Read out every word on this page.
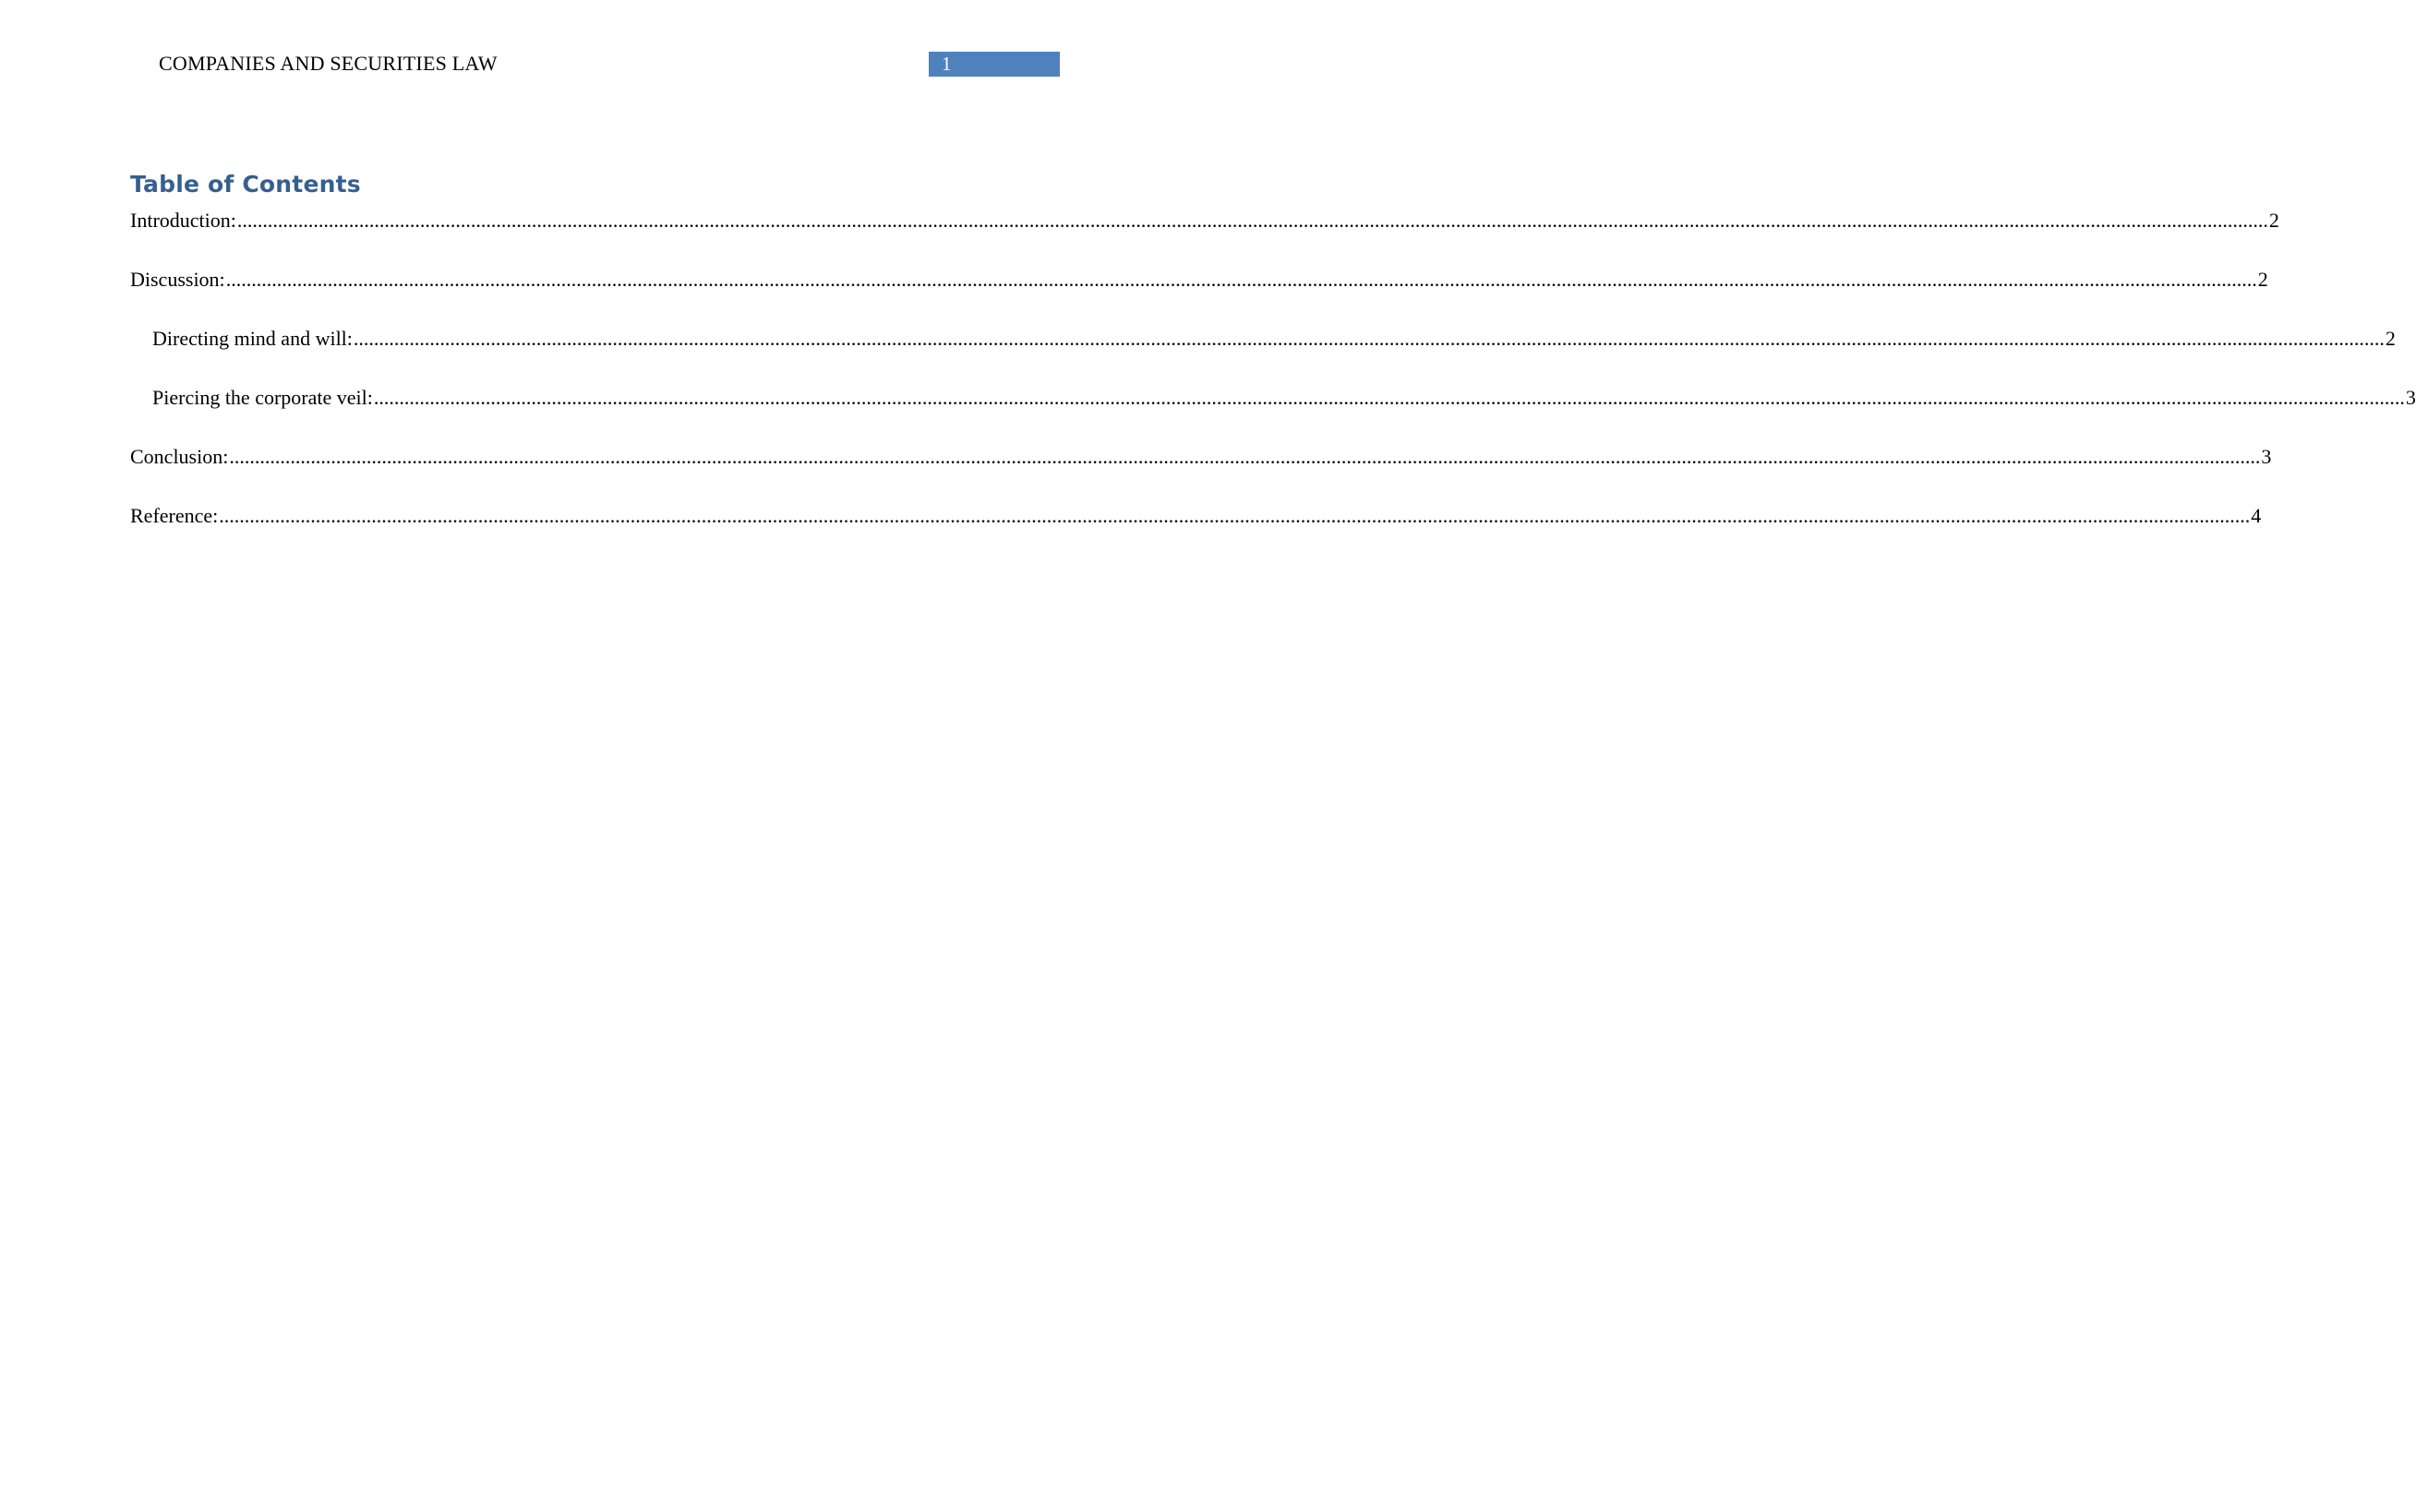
COMPANIES AND SECURITIES LAW	1
Table of Contents
Introduction: ................................................................................................................................................................................................................................................................................................................................................................................................................ 2
Discussion: ................................................................................................................................................................................................................................................................................................................................................................................................................ 2
Directing mind and will: ................................................................................................................................................................................................................................................................................................................................................................................................................ 2
Piercing the corporate veil: ................................................................................................................................................................................................................................................................................................................................................................................................................ 3
Conclusion: ................................................................................................................................................................................................................................................................................................................................................................................................................ 3
Reference: ................................................................................................................................................................................................................................................................................................................................................................................................................ 4
